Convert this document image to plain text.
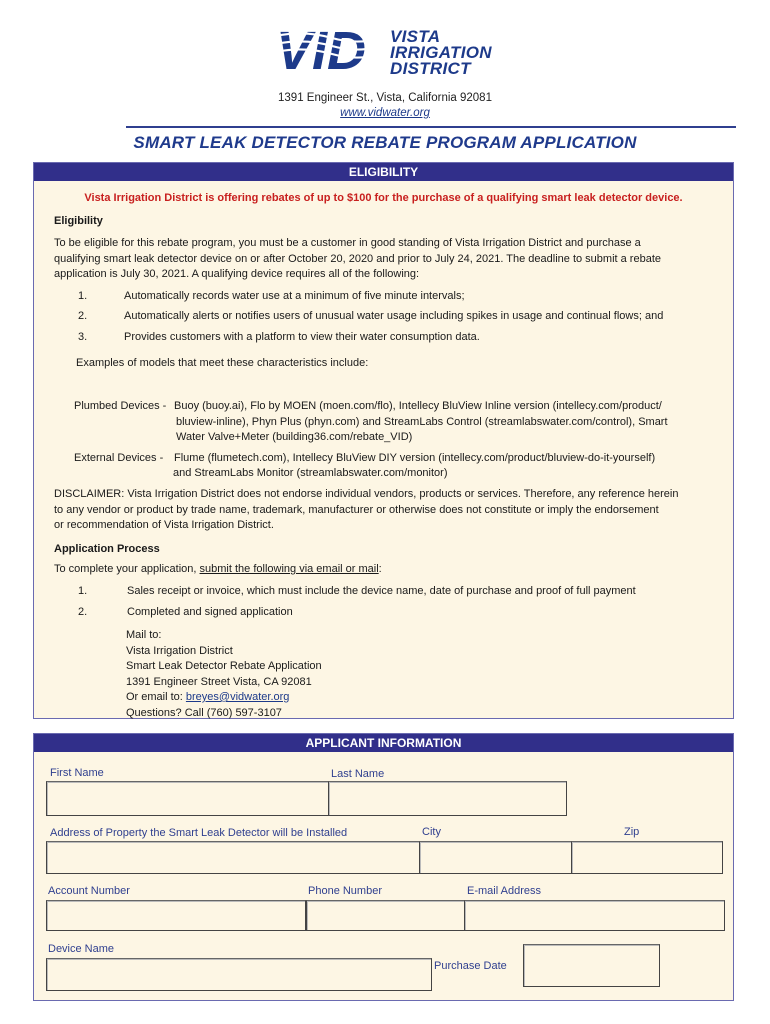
VISTA
IRRIGATION
DISTRICT
1391 Engineer St., Vista, California 92081
www.vidwater.org
SMART LEAK DETECTOR REBATE PROGRAM APPLICATION
ELIGIBILITY
Vista Irrigation District is offering rebates of up to $100 for the purchase of a qualifying smart leak detector device.
Eligibility
To be eligible for this rebate program, you must be a customer in good standing of Vista Irrigation District and purchase a
qualifying smart leak detector device on or after October 20, 2020 and prior to July 24, 2021. The deadline to submit a rebate
application is July 30, 2021. A qualifying device requires all of the following:
1.	Automatically records water use at a minimum of five minute intervals;
2.	Automatically alerts or notifies users of unusual water usage including spikes in usage and continual flows; and
3.	Provides customers with a platform to view their water consumption data.
Examples of models that meet these characteristics include:
Plumbed Devices - Buoy (buoy.ai), Flo by MOEN (moen.com/flo), Intellecy BluView Inline version (intellecy.com/product/
bluview-inline), Phyn Plus (phyn.com) and StreamLabs Control (streamlabswater.com/control), Smart
Water Valve+Meter (building36.com/rebate_VID)
External Devices - Flume (flumetech.com), Intellecy BluView DIY version (intellecy.com/product/bluview-do-it-yourself)
and StreamLabs Monitor (streamlabswater.com/monitor)
DISCLAIMER: Vista Irrigation District does not endorse individual vendors, products or services. Therefore, any reference herein
to any vendor or product by trade name, trademark, manufacturer or otherwise does not constitute or imply the endorsement
or recommendation of Vista Irrigation District.
Application Process
To complete your application, submit the following via email or mail:
1.	Sales receipt or invoice, which must include the device name, date of purchase and proof of full payment
2.	Completed and signed application
Mail to:
Vista Irrigation District
Smart Leak Detector Rebate Application
1391 Engineer Street Vista, CA 92081
Or email to: breyes@vidwater.org
Questions? Call (760) 597-3107
APPLICANT INFORMATION
First Name	Last Name
Address of Property the Smart Leak Detector will be Installed	City	Zip
Account Number	Phone Number	E-mail Address
Device Name
Purchase Date
